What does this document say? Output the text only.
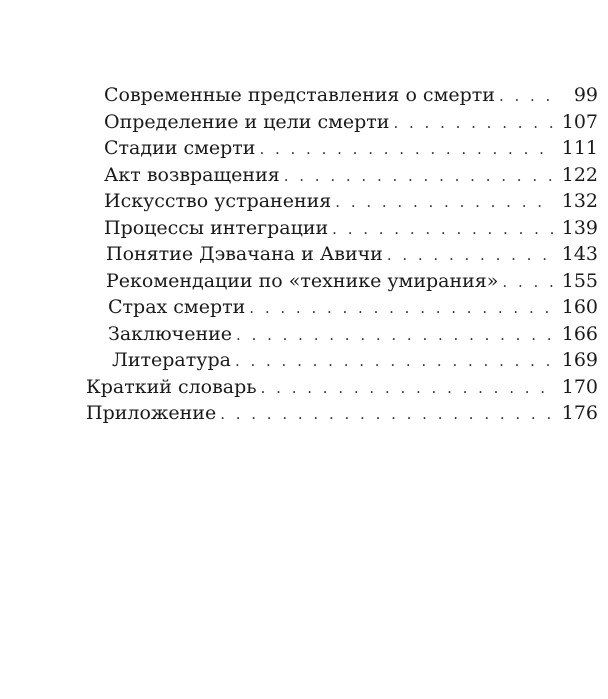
Современные представления о смерти . . .	99
Определение и цели смерти . . .	107
Стадии смерти . . .	111
Акт возвращения . . .	122
Искусство устранения . . .	132
Процессы интеграции . . .	139
Понятие Дэвачана и Авичи . . .	143
Рекомендации по «технике умирания» . . .	155
Страх смерти . . .	160
Заключение . . .	166
Литература . . .	169
Краткий словарь . . .	170
Приложение . . .	176
